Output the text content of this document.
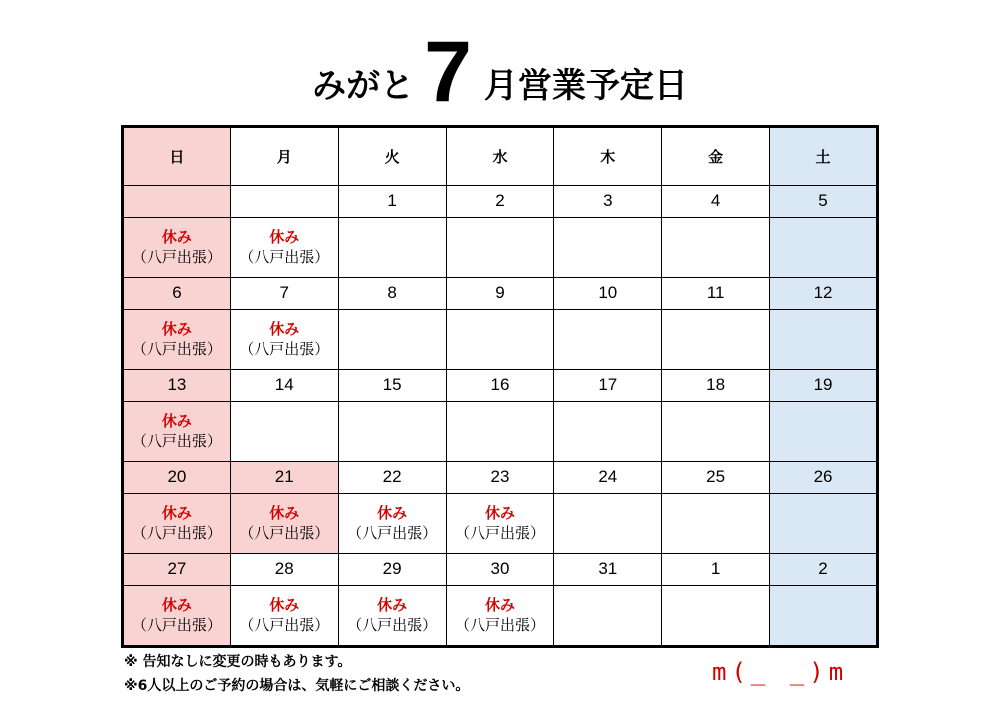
みがと 7 月営業予定日
日	月	火	水	木	金	土
		1	2	3	4	5

休み
（八戸出張）	休み
（八戸出張）					

6	7	8	9	10	11	12

休み
（八戸出張）	休み
（八戸出張）					

13	14	15	16	17	18	19

休み
（八戸出張）						

20	21	22	23	24	25	26

休み
（八戸出張）	休み
（八戸出張）	休み
（八戸出張）	休み
（八戸出張）			

27	28	29	30	31	1	2

休み
（八戸出張）	休み
（八戸出張）	休み
（八戸出張）	休み
（八戸出張）			

※ 告知なしに変更の時もあります。
※6人以上のご予約の場合は、気軽にご相談ください。	m(_ _)m
